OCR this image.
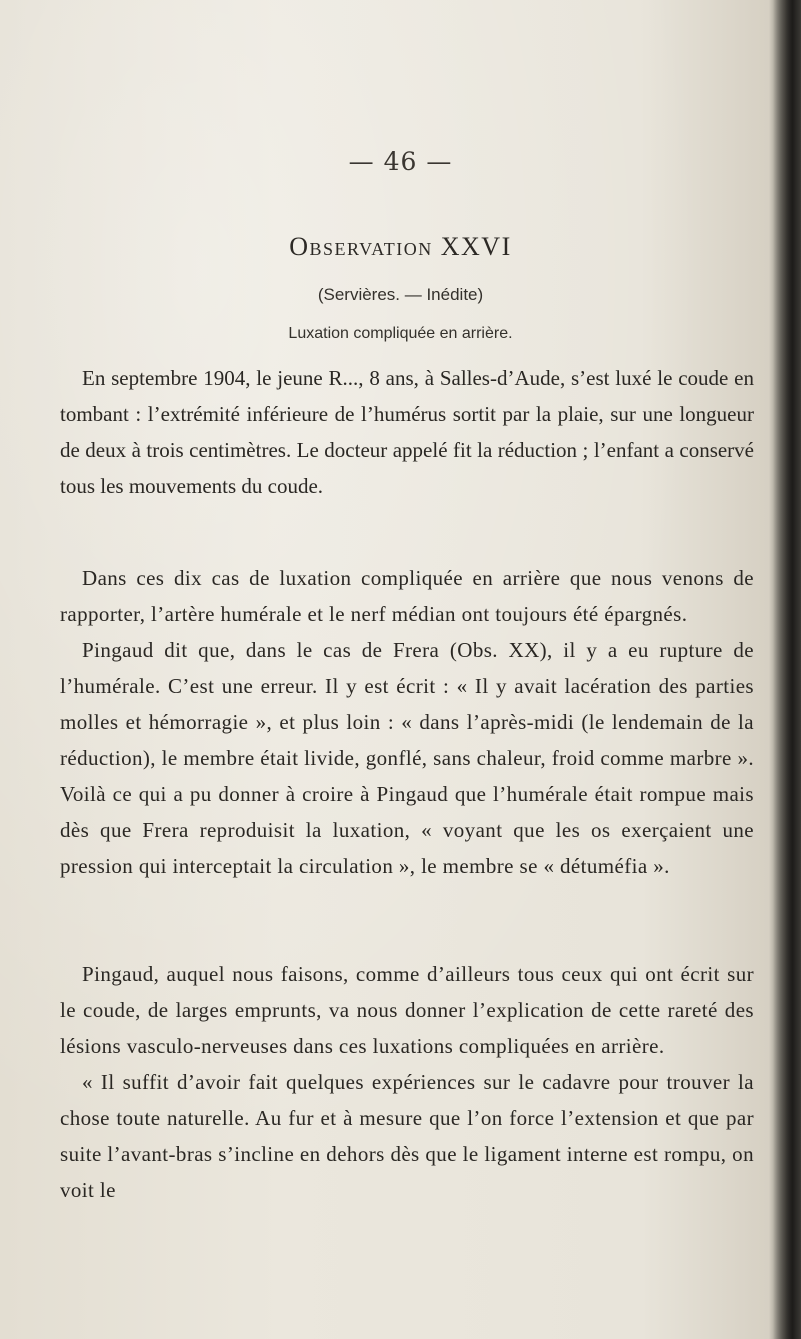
— 46 —
Observation XXVI
(Servières. — Inédite)
Luxation compliquée en arrière.

En septembre 1904, le jeune R..., 8 ans, à Salles-d’Aude, s’est luxé le coude en tombant : l’extrémité inférieure de l’humérus sortit par la plaie, sur une longueur de deux à trois centimètres. Le docteur appelé fit la réduction ; l’enfant a conservé tous les mouvements du coude.

Dans ces dix cas de luxation compliquée en arrière que nous venons de rapporter, l’artère humérale et le nerf médian ont toujours été épargnés.

Pingaud dit que, dans le cas de Frera (Obs. XX), il y a eu rupture de l’humérale. C’est une erreur. Il y est écrit : « Il y avait lacération des parties molles et hémorragie », et plus loin : « dans l’après-midi (le lendemain de la réduction), le membre était livide, gonflé, sans chaleur, froid comme marbre ». Voilà ce qui a pu donner à croire à Pingaud que l’humérale était rompue mais dès que Frera reproduisit la luxation, « voyant que les os exerçaient une pression qui interceptait la circulation », le membre se « détuméfia ».

Pingaud, auquel nous faisons, comme d’ailleurs tous ceux qui ont écrit sur le coude, de larges emprunts, va nous donner l’explication de cette rareté des lésions vasculo-nerveuses dans ces luxations compliquées en arrière.

« Il suffit d’avoir fait quelques expériences sur le cadavre pour trouver la chose toute naturelle. Au fur et à mesure que l’on force l’extension et que par suite l’avant-bras s’incline en dehors dès que le ligament interne est rompu, on voit le
